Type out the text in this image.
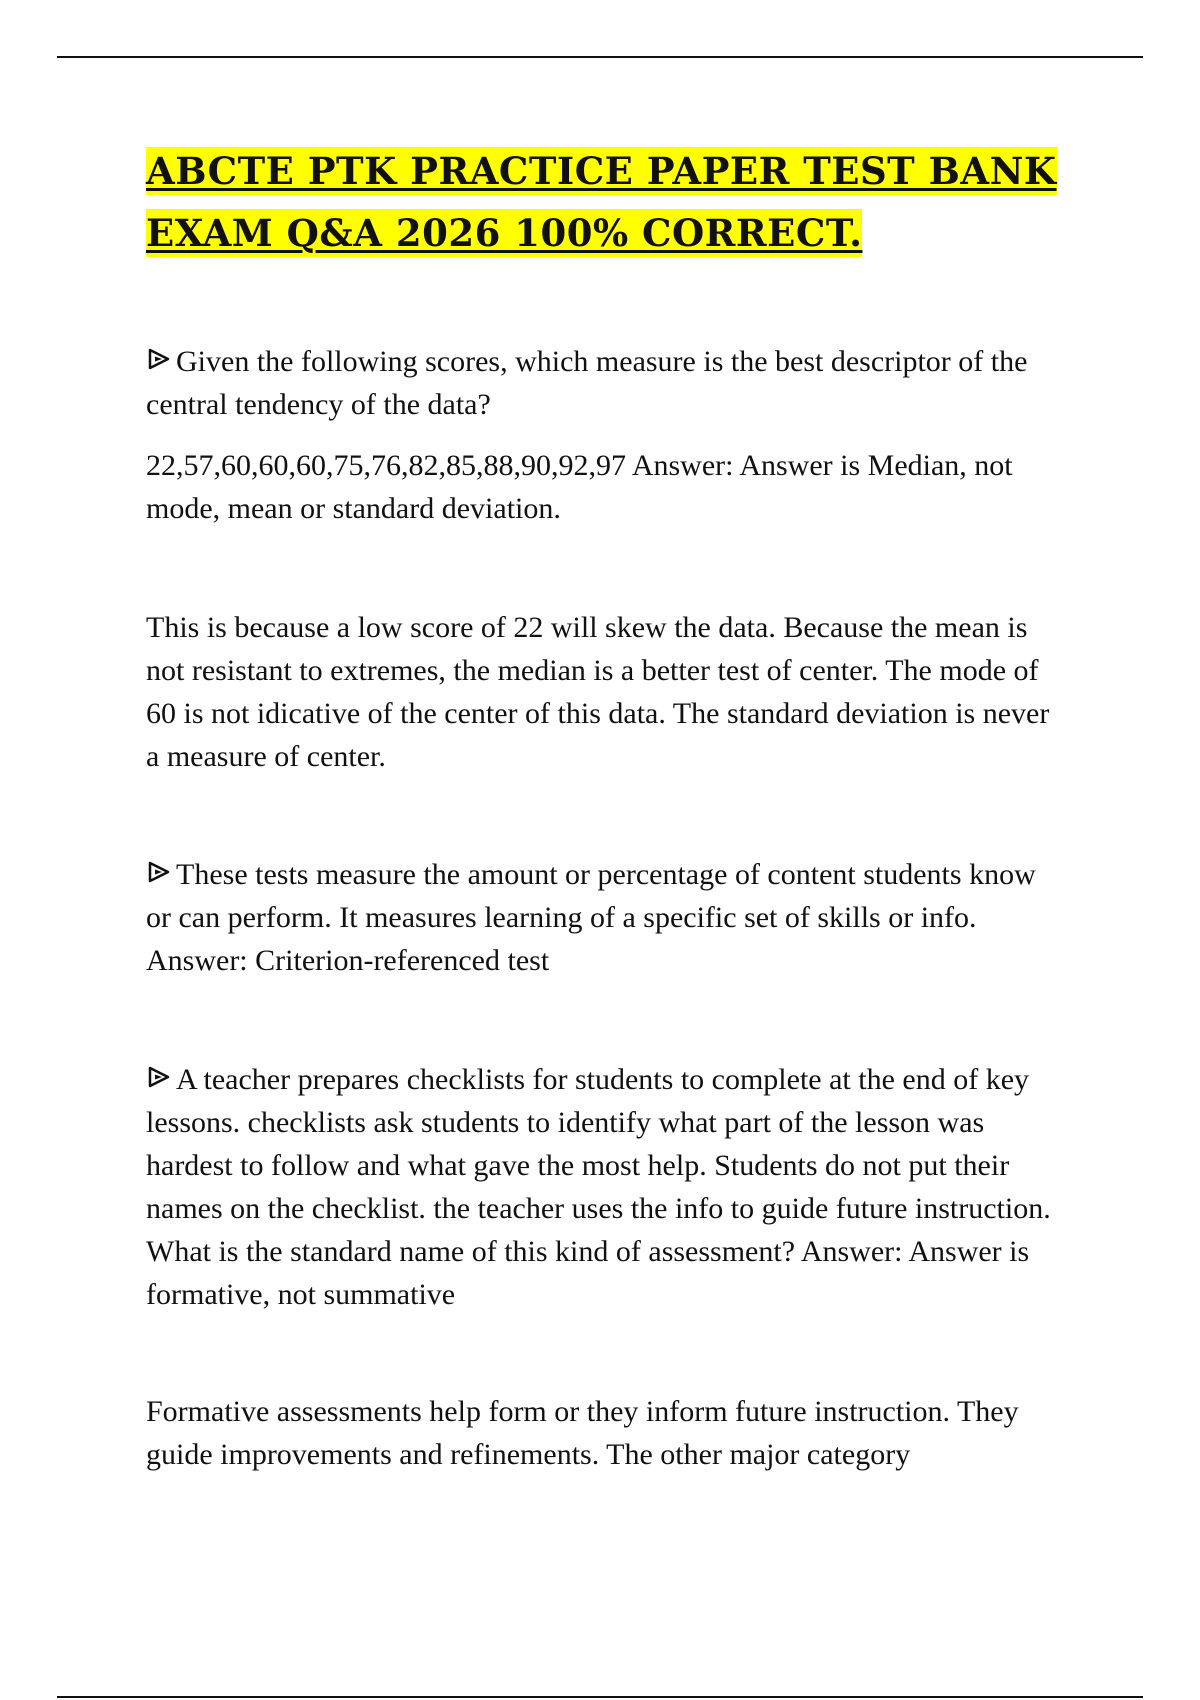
ABCTE PTK PRACTICE PAPER TEST BANK EXAM Q&A 2026 100% CORRECT.

Given the following scores, which measure is the best descriptor of the central tendency of the data?

22,57,60,60,60,75,76,82,85,88,90,92,97 Answer: Answer is Median, not mode, mean or standard deviation.

This is because a low score of 22 will skew the data. Because the mean is not resistant to extremes, the median is a better test of center. The mode of 60 is not idicative of the center of this data. The standard deviation is never a measure of center.

These tests measure the amount or percentage of content students know or can perform. It measures learning of a specific set of skills or info. Answer: Criterion-referenced test

A teacher prepares checklists for students to complete at the end of key lessons. checklists ask students to identify what part of the lesson was hardest to follow and what gave the most help. Students do not put their names on the checklist. the teacher uses the info to guide future instruction. What is the standard name of this kind of assessment? Answer: Answer is formative, not summative

Formative assessments help form or they inform future instruction. They guide improvements and refinements. The other major category
